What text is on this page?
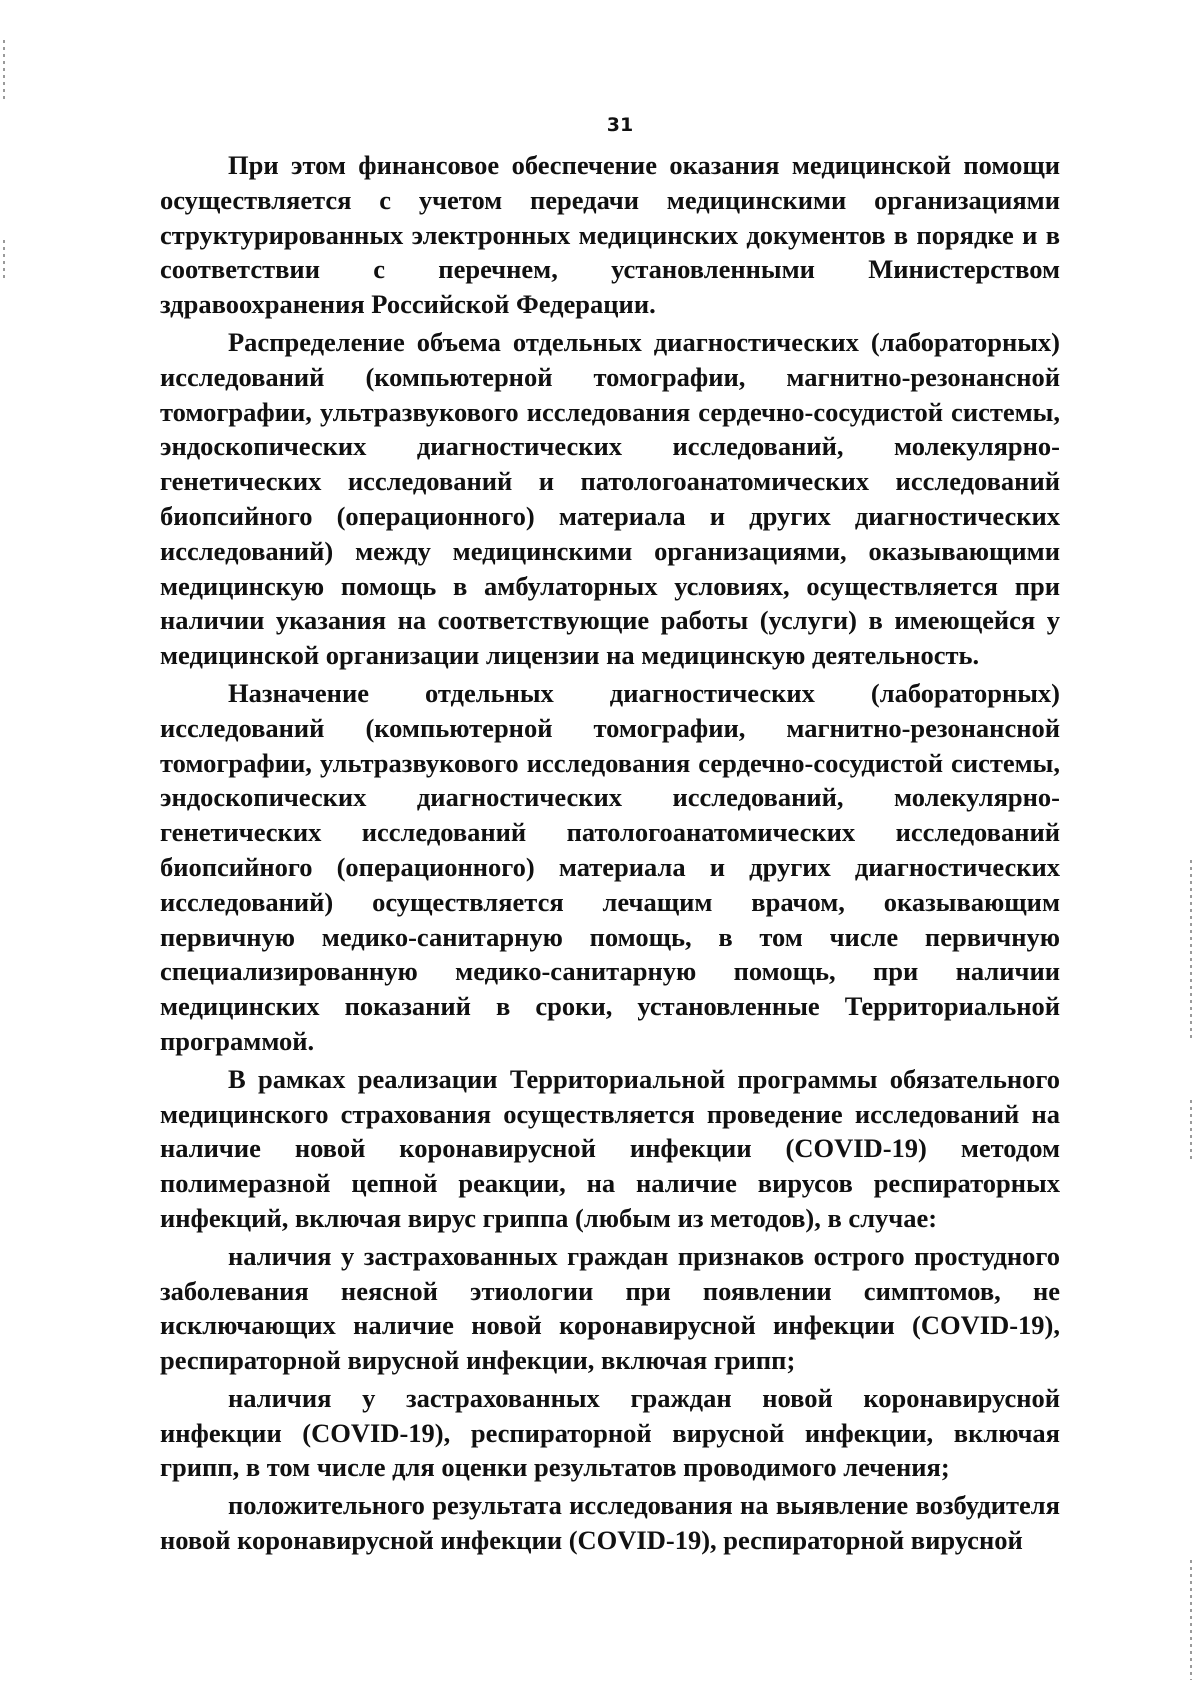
31

При этом финансовое обеспечение оказания медицинской помощи осуществляется с учетом передачи медицинскими организациями структурированных электронных медицинских документов в порядке и в соответствии с перечнем, установленными Министерством здравоохранения Российской Федерации.

Распределение объема отдельных диагностических (лабораторных) исследований (компьютерной томографии, магнитно-резонансной томографии, ультразвукового исследования сердечно-сосудистой системы, эндоскопических диагностических исследований, молекулярно-генетических исследований и патологоанатомических исследований биопсийного (операционного) материала и других диагностических исследований) между медицинскими организациями, оказывающими медицинскую помощь в амбулаторных условиях, осуществляется при наличии указания на соответствующие работы (услуги) в имеющейся у медицинской организации лицензии на медицинскую деятельность.

Назначение отдельных диагностических (лабораторных) исследований (компьютерной томографии, магнитно-резонансной томографии, ультразвукового исследования сердечно-сосудистой системы, эндоскопических диагностических исследований, молекулярно-генетических исследований патологоанатомических исследований биопсийного (операционного) материала и других диагностических исследований) осуществляется лечащим врачом, оказывающим первичную медико-санитарную помощь, в том числе первичную специализированную медико-санитарную помощь, при наличии медицинских показаний в сроки, установленные Территориальной программой.

В рамках реализации Территориальной программы обязательного медицинского страхования осуществляется проведение исследований на наличие новой коронавирусной инфекции (COVID-19) методом полимеразной цепной реакции, на наличие вирусов респираторных инфекций, включая вирус гриппа (любым из методов), в случае:

наличия у застрахованных граждан признаков острого простудного заболевания неясной этиологии при появлении симптомов, не исключающих наличие новой коронавирусной инфекции (COVID-19), респираторной вирусной инфекции, включая грипп;

наличия у застрахованных граждан новой коронавирусной инфекции (COVID-19), респираторной вирусной инфекции, включая грипп, в том числе для оценки результатов проводимого лечения;

положительного результата исследования на выявление возбудителя новой коронавирусной инфекции (COVID-19), респираторной вирусной
